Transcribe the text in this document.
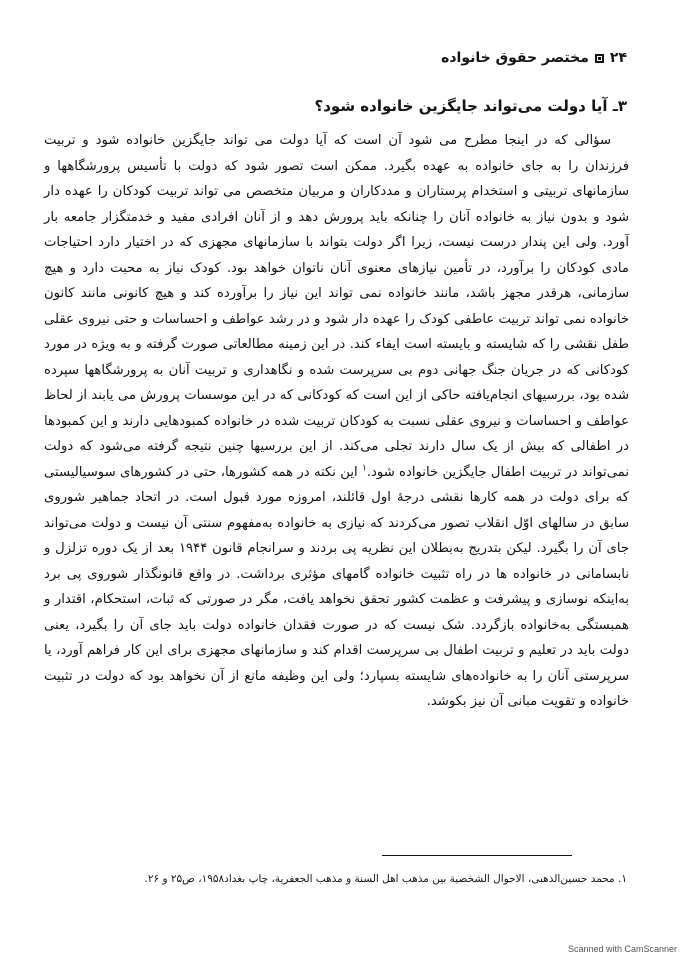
۲۴
مختصر حقوق خانواده
۳ـ آیا دولت می‌تواند جایگزین خانواده شود؟

سؤالی که در اینجا مطرح می شود آن است که آیا دولت می تواند جایگزین خانواده شود و تربیت فرزندان را به جای خانواده به عهده بگیرد. ممکن است تصور شود که دولت با تأسیس پرورشگاهها و سازمانهای تربیتی و استخدام پرستاران و مددکاران و مربیان متخصص می تواند تربیت کودکان را عهده دار شود و بدون نیاز به خانواده آنان را چنانکه باید پرورش دهد و از آنان افرادی مفید و خدمتگزار جامعه بار آورد. ولی این پندار درست نیست، زیرا اگر دولت بتواند با سازمانهای مجهزی که در اختیار دارد احتیاجات مادی کودکان را برآورد، در تأمین نیازهای معنوی آنان ناتوان خواهد بود. کودک نیاز به محبت دارد و هیچ سازمانی، هرقدر مجهز باشد، مانند خانواده نمی تواند این نیاز را برآورده کند و هیچ کانونی مانند کانون خانواده نمی تواند تربیت عاطفی کودک را عهده دار شود و در رشد عواطف و احساسات و حتی نیروی عقلی طفل نقشی را که شایسته و بایسته است ایفاء کند. در این زمینه مطالعاتی صورت گرفته و به ویژه در مورد کودکانی که در جریان جنگ جهانی دوم بی سرپرست شده و نگاهداری و تربیت آنان به پرورشگاهها سپرده شده بود، بررسیهای انجام‌یافته حاکی از این است که کودکانی که در این موسسات پرورش می یابند از لحاظ عواطف و احساسات و نیروی عقلی نسبت به کودکان تربیت شده در خانواده کمبودهایی دارند و این کمبودها در اطفالی که بیش از یک سال دارند تجلی می‌کند. از این بررسیها چنین نتیجه گرفته می‌شود که دولت نمی‌تواند در تربیت اطفال جایگزین خانواده شود.$^۱$ این نکته در همه کشورها، حتی در کشورهای سوسیالیستی که برای دولت در همه کارها نقشی درجهٔ اول قائلند، امروزه مورد قبول است. در اتحاد جماهیر شوروی سابق در سالهای اوّل انقلاب تصور می‌کردند که نیازی به خانواده به‌مفهوم سنتی آن نیست و دولت می‌تواند جای آن را بگیرد. لیکن بتدریج به‌بطلان این نظریه پی بردند و سرانجام قانون ۱۹۴۴ بعد از یک دوره تزلزل و نابسامانی در خانواده ها در راه تثبیت خانواده گامهای مؤثری برداشت. در واقع قانونگذار شوروی پی برد به‌اینکه نوسازی و پیشرفت و عظمت کشور تحقق نخواهد یافت، مگر در صورتی که ثبات، استحکام، اقتدار و همبستگی به‌خانواده بازگردد. شک نیست که در صورت فقدان خانواده دولت باید جای آن را بگیرد، یعنی دولت باید در تعلیم و تربیت اطفال بی سرپرست اقدام کند و سازمانهای مجهزی برای این کار فراهم آورد، یا سرپرستی آنان را به خانواده‌های شایسته بسپارد؛ ولی این وظیفه مانع از آن نخواهد بود که دولت در تثبیت خانواده و تقویت مبانی آن نیز بکوشد.

۱. محمد حسین‌الذهبی، الاحوال الشخصیة بین مذهب اهل السنة و مذهب الجعفریة، چاپ بغداد۱۹۵۸، ص۲۵ و ۲۶.
Scanned with CamScanner
